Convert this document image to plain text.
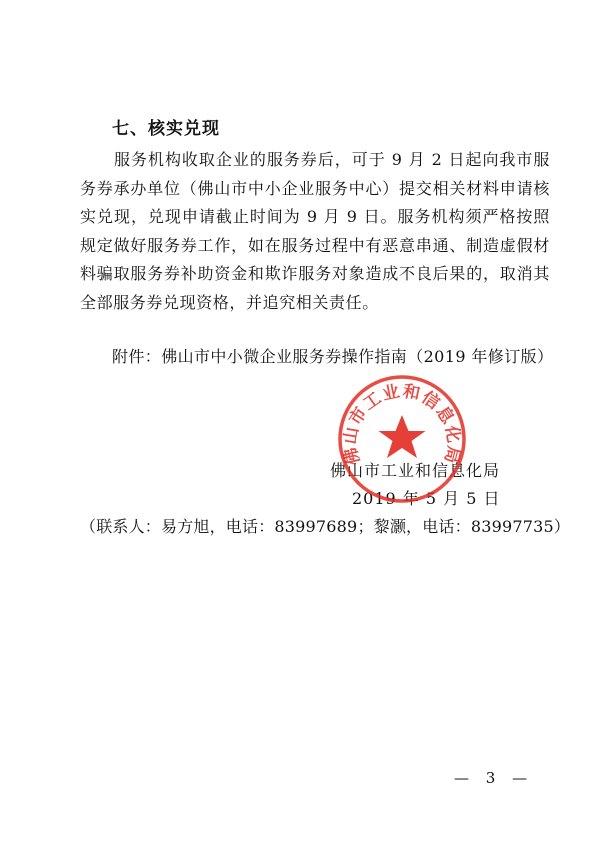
七、核实兑现
服务机构收取企业的服务券后，可于 9 月 2 日起向我市服务券承办单位（佛山市中小企业服务中心）提交相关材料申请核实兑现，兑现申请截止时间为 9 月 9 日。服务机构须严格按照规定做好服务券工作，如在服务过程中有恶意串通、制造虚假材料骗取服务券补助资金和欺诈服务对象造成不良后果的，取消其全部服务券兑现资格，并追究相关责任。
附件：佛山市中小微企业服务券操作指南（2019 年修订版）
佛山市工业和信息化局
2019 年 5 月 5 日
佛山市工业和信息化局
（联系人：易方旭，电话：83997689；黎灏，电话：83997735）
— 3 —
